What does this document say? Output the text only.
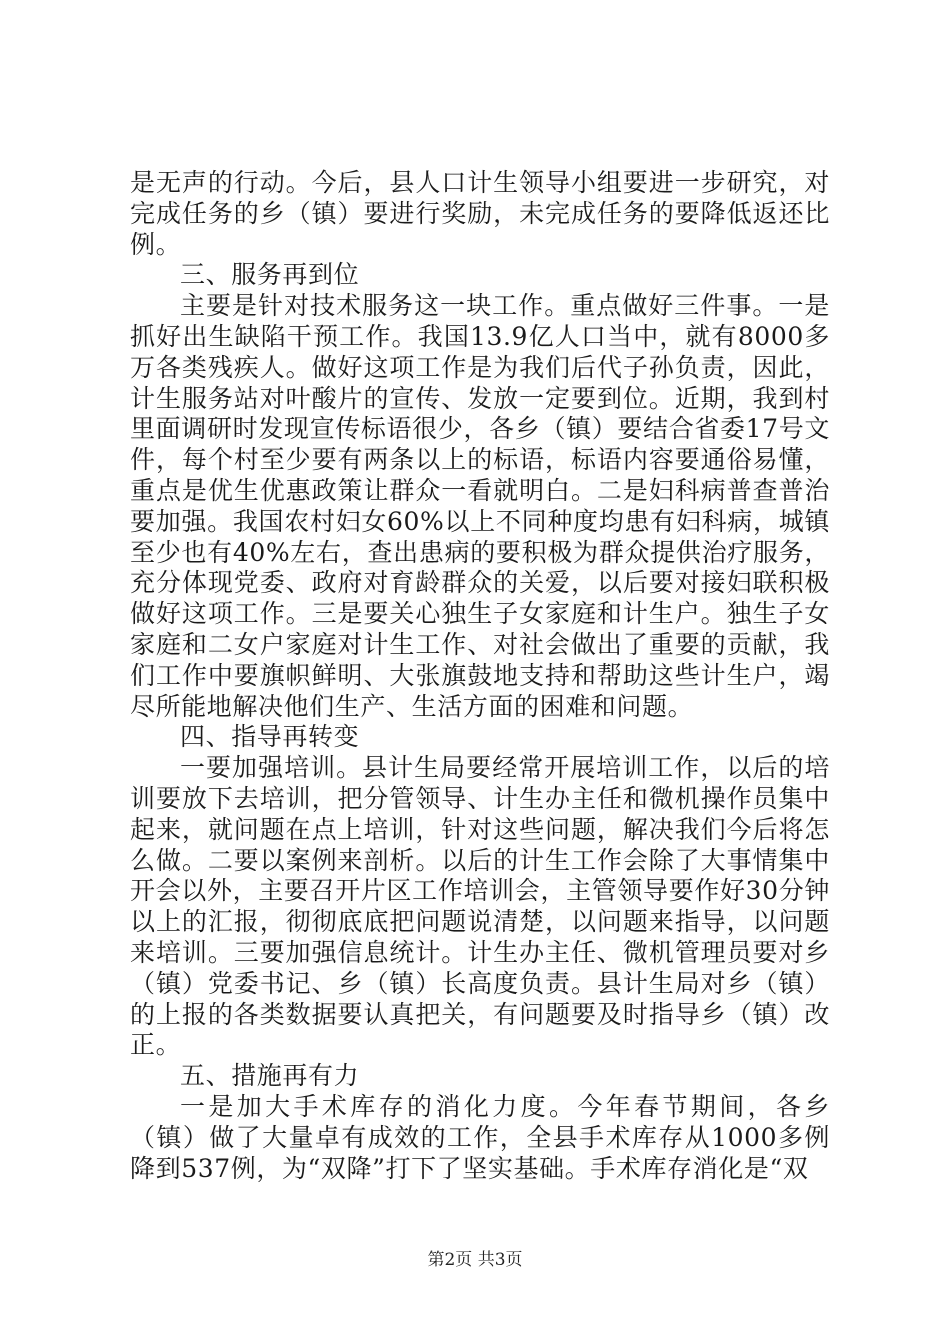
是无声的行动。今后，县人口计生领导小组要进一步研究，对完成任务的乡（镇）要进行奖励，未完成任务的要降低返还比例。

三、服务再到位

主要是针对技术服务这一块工作。重点做好三件事。一是抓好出生缺陷干预工作。我国13.9亿人口当中，就有8000多万各类残疾人。做好这项工作是为我们后代子孙负责，因此，计生服务站对叶酸片的宣传、发放一定要到位。近期，我到村里面调研时发现宣传标语很少，各乡（镇）要结合省委17号文件，每个村至少要有两条以上的标语，标语内容要通俗易懂，重点是优生优惠政策让群众一看就明白。二是妇科病普查普治要加强。我国农村妇女60%以上不同种度均患有妇科病，城镇至少也有40%左右，查出患病的要积极为群众提供治疗服务，充分体现党委、政府对育龄群众的关爱，以后要对接妇联积极做好这项工作。三是要关心独生子女家庭和计生户。独生子女家庭和二女户家庭对计生工作、对社会做出了重要的贡献，我们工作中要旗帜鲜明、大张旗鼓地支持和帮助这些计生户，竭尽所能地解决他们生产、生活方面的困难和问题。

四、指导再转变

一要加强培训。县计生局要经常开展培训工作，以后的培训要放下去培训，把分管领导、计生办主任和微机操作员集中起来，就问题在点上培训，针对这些问题，解决我们今后将怎么做。二要以案例来剖析。以后的计生工作会除了大事情集中开会以外，主要召开片区工作培训会，主管领导要作好30分钟以上的汇报，彻彻底底把问题说清楚，以问题来指导，以问题来培训。三要加强信息统计。计生办主任、微机管理员要对乡（镇）党委书记、乡（镇）长高度负责。县计生局对乡（镇）的上报的各类数据要认真把关，有问题要及时指导乡（镇）改正。

五、措施再有力

一是加大手术库存的消化力度。今年春节期间，各乡（镇）做了大量卓有成效的工作，全县手术库存从1000多例降到537例，为“双降”打下了坚实基础。手术库存消化是“双

第2页 共3页
